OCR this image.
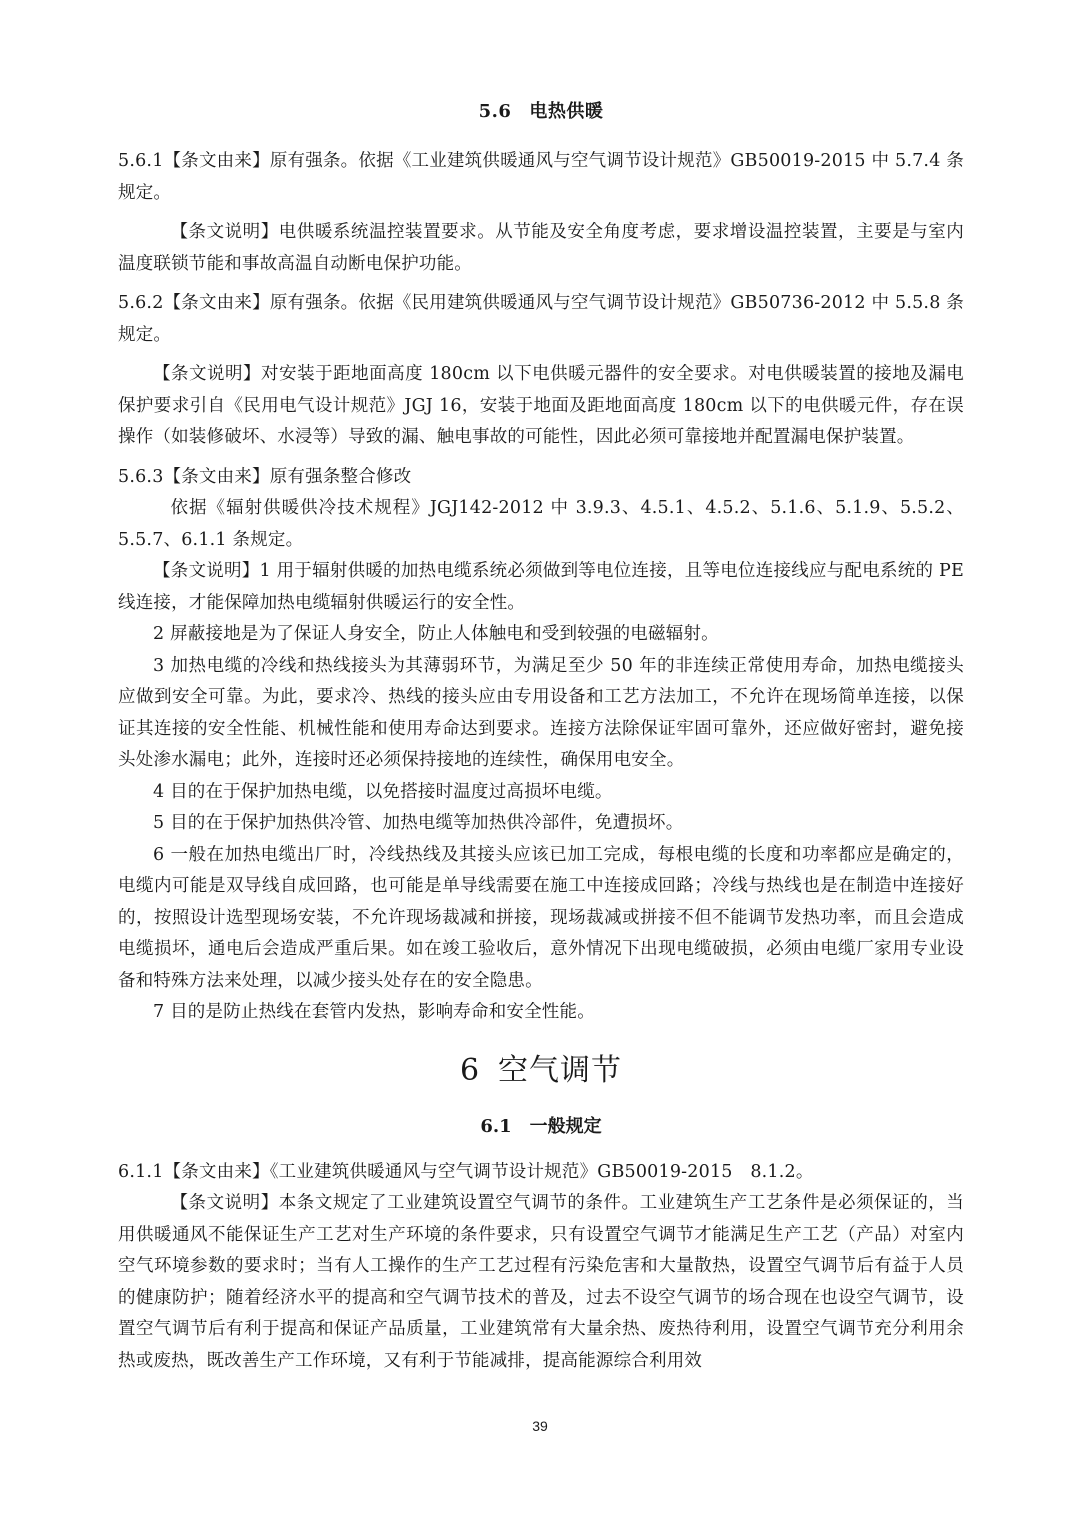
5.6 电热供暖

5.6.1【条文由来】原有强条。依据《工业建筑供暖通风与空气调节设计规范》GB50019-2015 中 5.7.4 条规定。

【条文说明】电供暖系统温控装置要求。从节能及安全角度考虑，要求增设温控装置，主要是与室内温度联锁节能和事故高温自动断电保护功能。

5.6.2【条文由来】原有强条。依据《民用建筑供暖通风与空气调节设计规范》GB50736-2012 中 5.5.8 条规定。

【条文说明】对安装于距地面高度 180cm 以下电供暖元器件的安全要求。对电供暖装置的接地及漏电保护要求引自《民用电气设计规范》JGJ 16，安装于地面及距地面高度 180cm 以下的电供暖元件，存在误操作（如装修破坏、水浸等）导致的漏、触电事故的可能性，因此必须可靠接地并配置漏电保护装置。

5.6.3【条文由来】原有强条整合修改

依据《辐射供暖供冷技术规程》JGJ142-2012 中 3.9.3、4.5.1、4.5.2、5.1.6、5.1.9、5.5.2、5.5.7、6.1.1 条规定。

【条文说明】1 用于辐射供暖的加热电缆系统必须做到等电位连接，且等电位连接线应与配电系统的 PE 线连接，才能保障加热电缆辐射供暖运行的安全性。

2 屏蔽接地是为了保证人身安全，防止人体触电和受到较强的电磁辐射。

3 加热电缆的冷线和热线接头为其薄弱环节，为满足至少 50 年的非连续正常使用寿命，加热电缆接头应做到安全可靠。为此，要求冷、热线的接头应由专用设备和工艺方法加工，不允许在现场简单连接，以保证其连接的安全性能、机械性能和使用寿命达到要求。连接方法除保证牢固可靠外，还应做好密封，避免接头处渗水漏电；此外，连接时还必须保持接地的连续性，确保用电安全。

4 目的在于保护加热电缆，以免搭接时温度过高损坏电缆。

5 目的在于保护加热供冷管、加热电缆等加热供冷部件，免遭损坏。

6 一般在加热电缆出厂时，冷线热线及其接头应该已加工完成，每根电缆的长度和功率都应是确定的，电缆内可能是双导线自成回路，也可能是单导线需要在施工中连接成回路；冷线与热线也是在制造中连接好的，按照设计选型现场安装，不允许现场裁减和拼接，现场裁减或拼接不但不能调节发热功率，而且会造成电缆损坏，通电后会造成严重后果。如在竣工验收后，意外情况下出现电缆破损，必须由电缆厂家用专业设备和特殊方法来处理，以减少接头处存在的安全隐患。

7 目的是防止热线在套管内发热，影响寿命和安全性能。

6 空气调节
6.1 一般规定

6.1.1【条文由来】《工业建筑供暖通风与空气调节设计规范》GB50019-2015　8.1.2。

【条文说明】本条文规定了工业建筑设置空气调节的条件。工业建筑生产工艺条件是必须保证的，当用供暖通风不能保证生产工艺对生产环境的条件要求，只有设置空气调节才能满足生产工艺（产品）对室内空气环境参数的要求时；当有人工操作的生产工艺过程有污染危害和大量散热，设置空气调节后有益于人员的健康防护；随着经济水平的提高和空气调节技术的普及，过去不设空气调节的场合现在也设空气调节，设置空气调节后有利于提高和保证产品质量，工业建筑常有大量余热、废热待利用，设置空气调节充分利用余热或废热，既改善生产工作环境，又有利于节能减排，提高能源综合利用效

39
